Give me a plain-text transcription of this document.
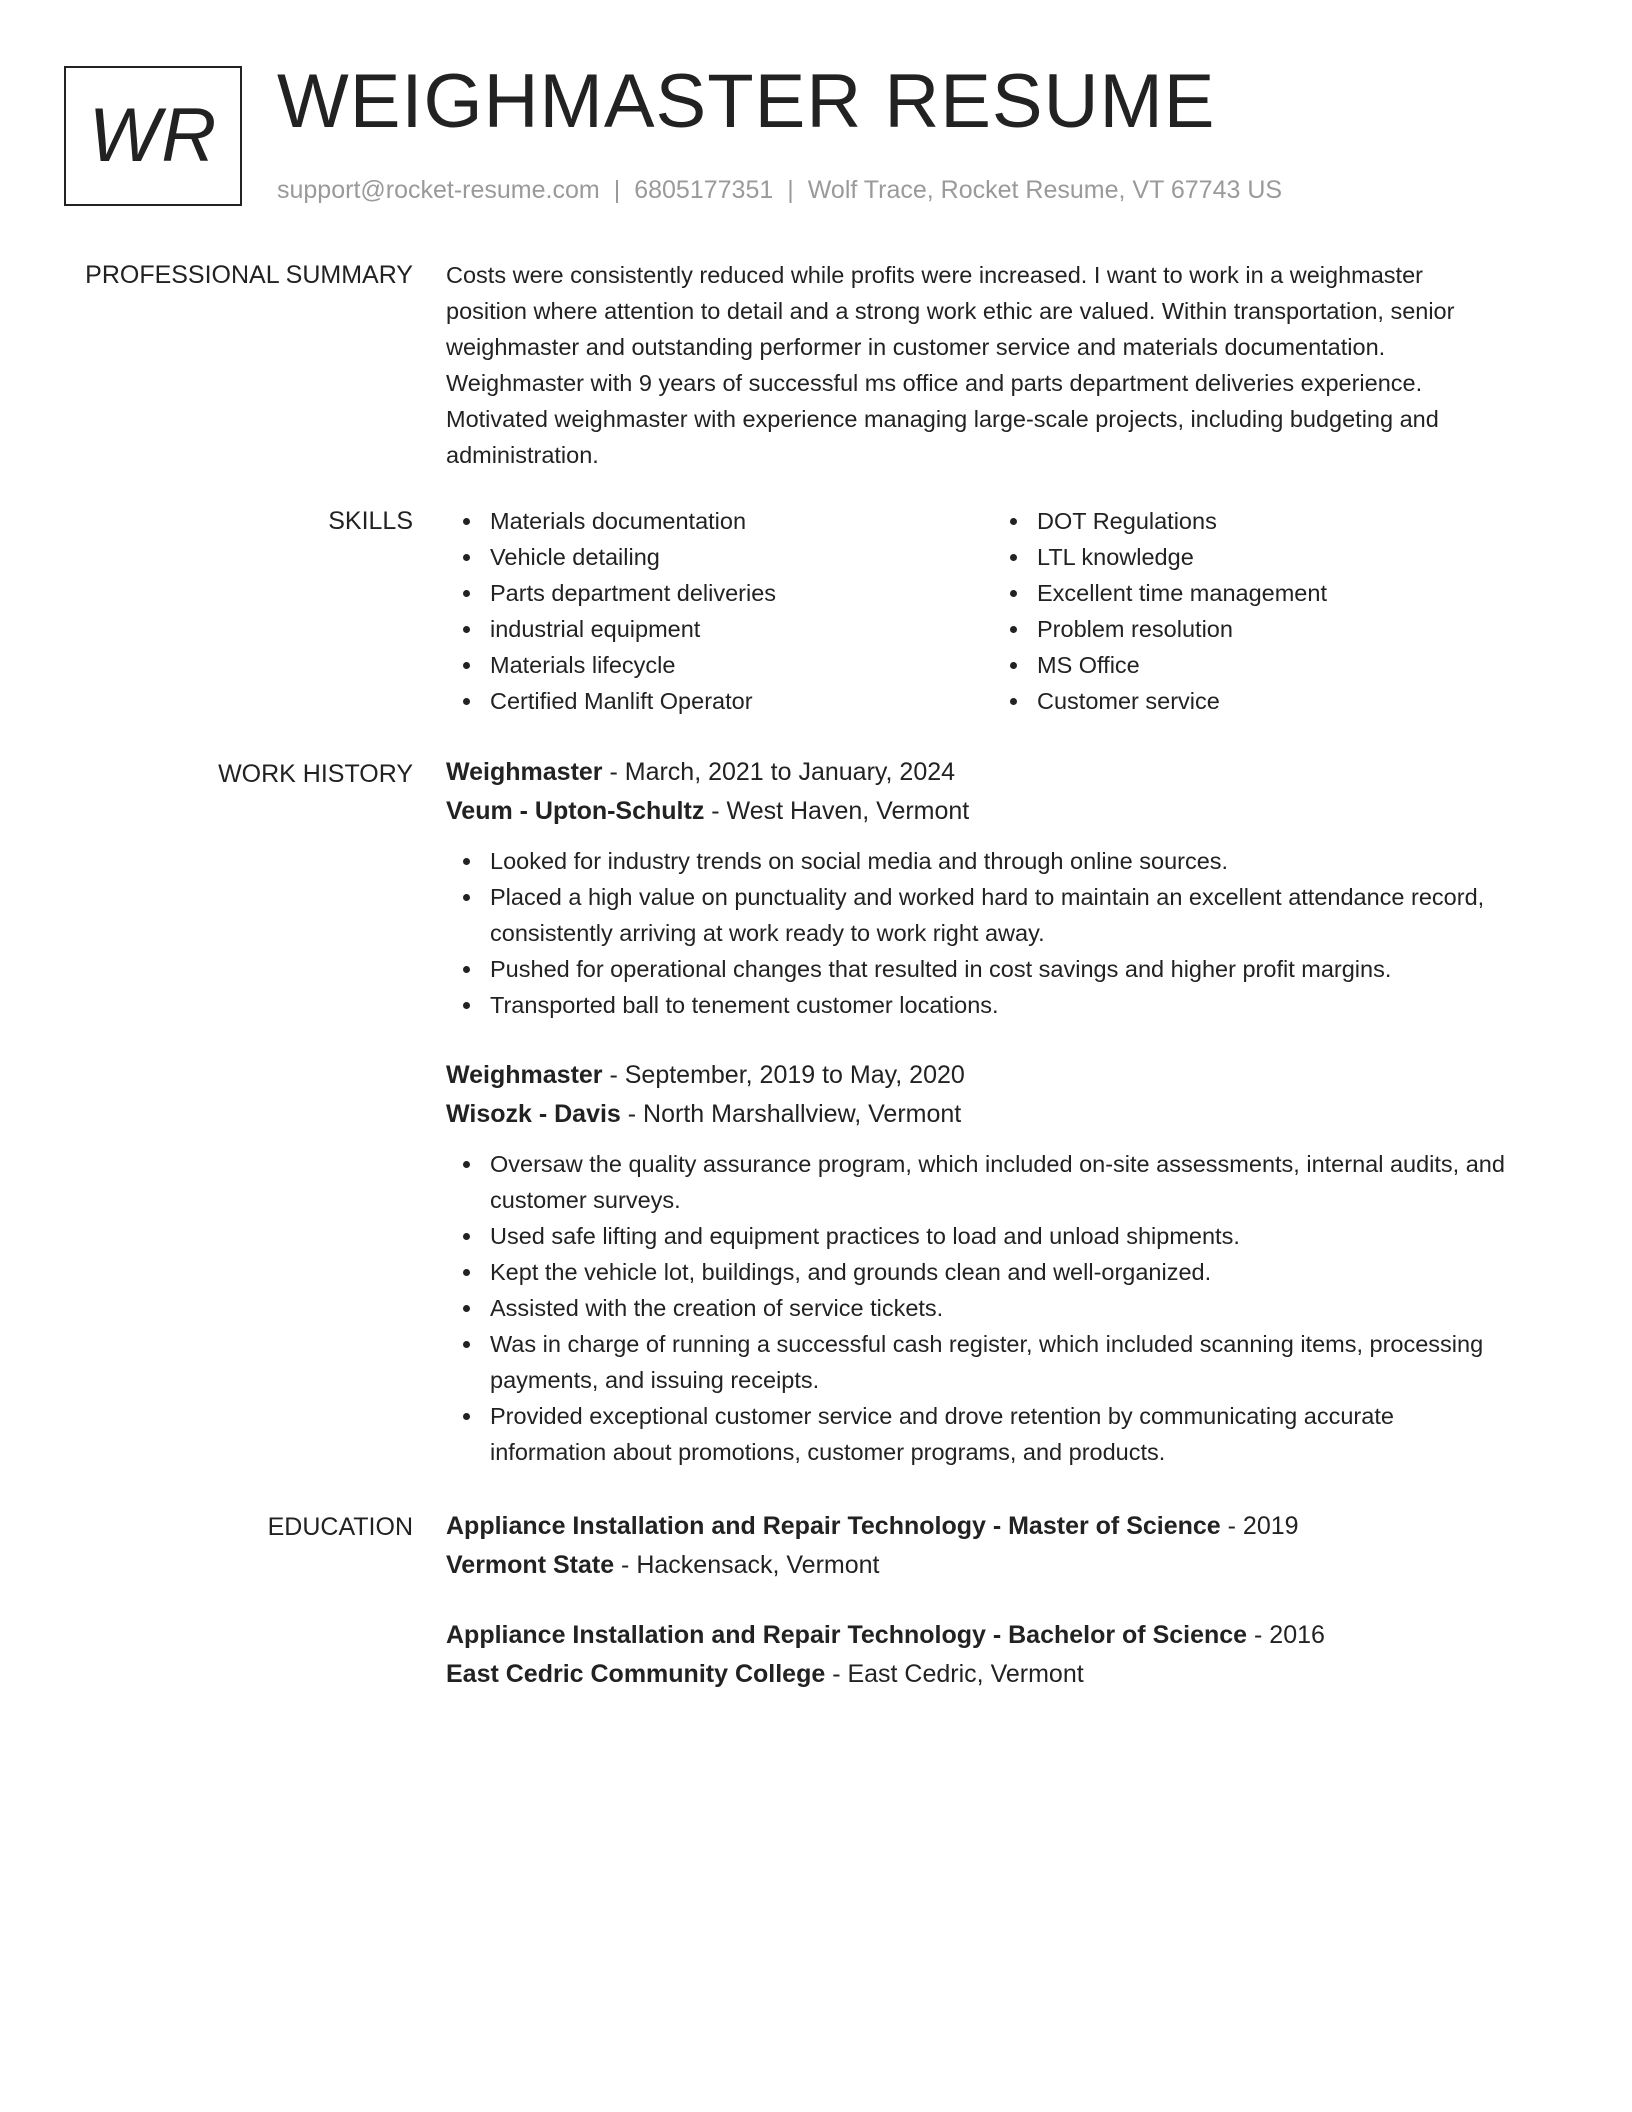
WR WEIGHMASTER RESUME
support@rocket-resume.com | 6805177351 | Wolf Trace, Rocket Resume, VT 67743 US
PROFESSIONAL SUMMARY Costs were consistently reduced while profits were increased. I want to work in a weighmaster

position where attention to detail and a strong work ethic are valued. Within transportation, senior

weighmaster and outstanding performer in customer service and materials documentation.

Weighmaster with 9 years of successful ms office and parts department deliveries experience.

Motivated weighmaster with experience managing large-scale projects, including budgeting and

administration.

SKILLS	Materials documentation
Vehicle detailing
Parts department deliveries
industrial equipment
Materials lifecycle
Certified Manlift Operator
DOT Regulations
LTL knowledge
Excellent time management
Problem resolution
MS Office
Customer service
WORK HISTORY Weighmaster - March, 2021 to January, 2024
Veum - Upton-Schultz - West Haven, Vermont
Looked for industry trends on social media and through online sources.
Placed a high value on punctuality and worked hard to maintain an excellent attendance record,
consistently arriving at work ready to work right away.
Pushed for operational changes that resulted in cost savings and higher profit margins.
Transported ball to tenement customer locations.
Weighmaster - September, 2019 to May, 2020
Wisozk - Davis - North Marshallview, Vermont
Oversaw the quality assurance program, which included on-site assessments, internal audits, and
customer surveys.
Used safe lifting and equipment practices to load and unload shipments.
Kept the vehicle lot, buildings, and grounds clean and well-organized.
Assisted with the creation of service tickets.
Was in charge of running a successful cash register, which included scanning items, processing
payments, and issuing receipts.
Provided exceptional customer service and drove retention by communicating accurate
information about promotions, customer programs, and products.
EDUCATION Appliance Installation and Repair Technology - Master of Science - 2019
Vermont State - Hackensack, Vermont
Appliance Installation and Repair Technology - Bachelor of Science - 2016
East Cedric Community College - East Cedric, Vermont
